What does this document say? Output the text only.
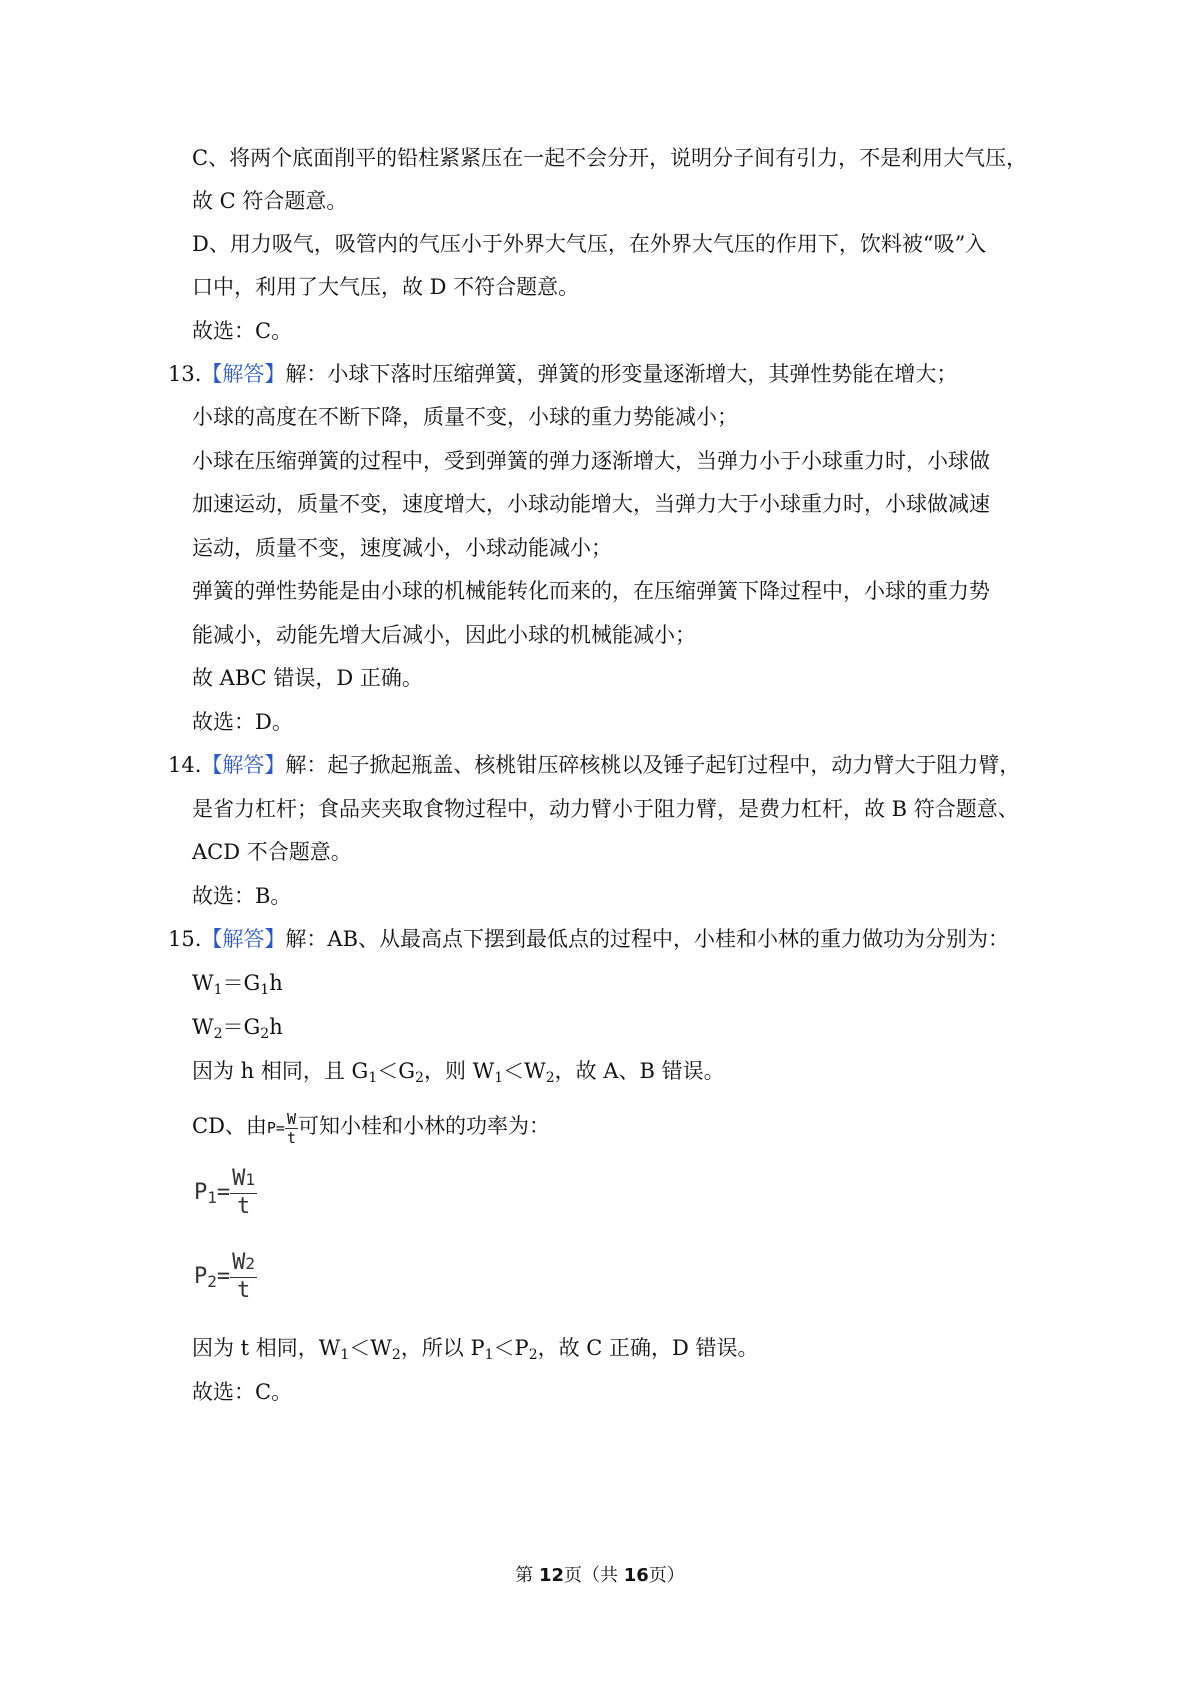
C、将两个底面削平的铅柱紧紧压在一起不会分开，说明分子间有引力，不是利用大气压，
故 C 符合题意。
D、用力吸气，吸管内的气压小于外界大气压，在外界大气压的作用下，饮料被“吸”入
口中，利用了大气压，故 D 不符合题意。
故选：C。
13.【解答】解：小球下落时压缩弹簧，弹簧的形变量逐渐增大，其弹性势能在增大；
小球的高度在不断下降，质量不变，小球的重力势能减小；
小球在压缩弹簧的过程中，受到弹簧的弹力逐渐增大，当弹力小于小球重力时，小球做
加速运动，质量不变，速度增大，小球动能增大，当弹力大于小球重力时，小球做减速
运动，质量不变，速度减小，小球动能减小；
弹簧的弹性势能是由小球的机械能转化而来的，在压缩弹簧下降过程中，小球的重力势
能减小，动能先增大后减小，因此小球的机械能减小；
故 ABC 错误，D 正确。
故选：D。
14.【解答】解：起子掀起瓶盖、核桃钳压碎核桃以及锤子起钉过程中，动力臂大于阻力臂，
是省力杠杆；食品夹夹取食物过程中，动力臂小于阻力臂，是费力杠杆，故 B 符合题意、
ACD 不合题意。
故选：B。
15.【解答】解：AB、从最高点下摆到最低点的过程中，小桂和小林的重力做功为分别为：
$W_1=G_1h$
$W_2=G_2h$
因为 h 相同，且 $G_1<G_2$，则 $W_1<W_2$，故 A、B 错误。
CD、由$P= \frac{W}{t}$ 可知小桂和小林的功率为：
$P_1= \frac{W1}{t}$
$P_2= \frac{W2}{t}$
因为 t 相同，$W_1<W_2$，所以 $P_1<P_2$，故 C 正确，D 错误。
故选：C。
第 12页（共 16页）
